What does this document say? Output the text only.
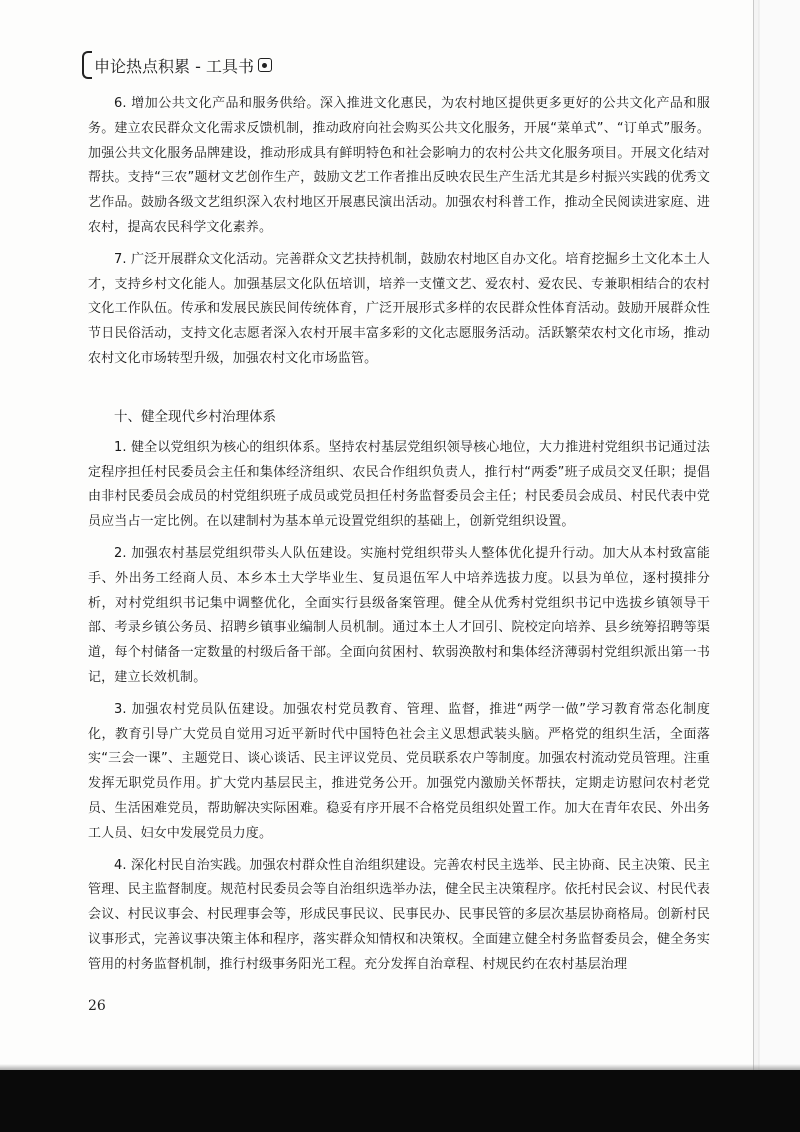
申论热点积累 - 工具书

6. 增加公共文化产品和服务供给。深入推进文化惠民，为农村地区提供更多更好的公共文化产品和服务。建立农民群众文化需求反馈机制，推动政府向社会购买公共文化服务，开展“菜单式”、“订单式”服务。加强公共文化服务品牌建设，推动形成具有鲜明特色和社会影响力的农村公共文化服务项目。开展文化结对帮扶。支持“三农”题材文艺创作生产，鼓励文艺工作者推出反映农民生产生活尤其是乡村振兴实践的优秀文艺作品。鼓励各级文艺组织深入农村地区开展惠民演出活动。加强农村科普工作，推动全民阅读进家庭、进农村，提高农民科学文化素养。

7. 广泛开展群众文化活动。完善群众文艺扶持机制，鼓励农村地区自办文化。培育挖掘乡土文化本土人才，支持乡村文化能人。加强基层文化队伍培训，培养一支懂文艺、爱农村、爱农民、专兼职相结合的农村文化工作队伍。传承和发展民族民间传统体育，广泛开展形式多样的农民群众性体育活动。鼓励开展群众性节日民俗活动，支持文化志愿者深入农村开展丰富多彩的文化志愿服务活动。活跃繁荣农村文化市场，推动农村文化市场转型升级，加强农村文化市场监管。

十、健全现代乡村治理体系

1. 健全以党组织为核心的组织体系。坚持农村基层党组织领导核心地位，大力推进村党组织书记通过法定程序担任村民委员会主任和集体经济组织、农民合作组织负责人，推行村“两委”班子成员交叉任职；提倡由非村民委员会成员的村党组织班子成员或党员担任村务监督委员会主任；村民委员会成员、村民代表中党员应当占一定比例。在以建制村为基本单元设置党组织的基础上，创新党组织设置。

2. 加强农村基层党组织带头人队伍建设。实施村党组织带头人整体优化提升行动。加大从本村致富能手、外出务工经商人员、本乡本土大学毕业生、复员退伍军人中培养选拔力度。以县为单位，逐村摸排分析，对村党组织书记集中调整优化，全面实行县级备案管理。健全从优秀村党组织书记中选拔乡镇领导干部、考录乡镇公务员、招聘乡镇事业编制人员机制。通过本土人才回引、院校定向培养、县乡统筹招聘等渠道，每个村储备一定数量的村级后备干部。全面向贫困村、软弱涣散村和集体经济薄弱村党组织派出第一书记，建立长效机制。

3. 加强农村党员队伍建设。加强农村党员教育、管理、监督，推进“两学一做”学习教育常态化制度化，教育引导广大党员自觉用习近平新时代中国特色社会主义思想武装头脑。严格党的组织生活，全面落实“三会一课”、主题党日、谈心谈话、民主评议党员、党员联系农户等制度。加强农村流动党员管理。注重发挥无职党员作用。扩大党内基层民主，推进党务公开。加强党内激励关怀帮扶，定期走访慰问农村老党员、生活困难党员，帮助解决实际困难。稳妥有序开展不合格党员组织处置工作。加大在青年农民、外出务工人员、妇女中发展党员力度。

4. 深化村民自治实践。加强农村群众性自治组织建设。完善农村民主选举、民主协商、民主决策、民主管理、民主监督制度。规范村民委员会等自治组织选举办法，健全民主决策程序。依托村民会议、村民代表会议、村民议事会、村民理事会等，形成民事民议、民事民办、民事民管的多层次基层协商格局。创新村民议事形式，完善议事决策主体和程序，落实群众知情权和决策权。全面建立健全村务监督委员会，健全务实管用的村务监督机制，推行村级事务阳光工程。充分发挥自治章程、村规民约在农村基层治理

26
